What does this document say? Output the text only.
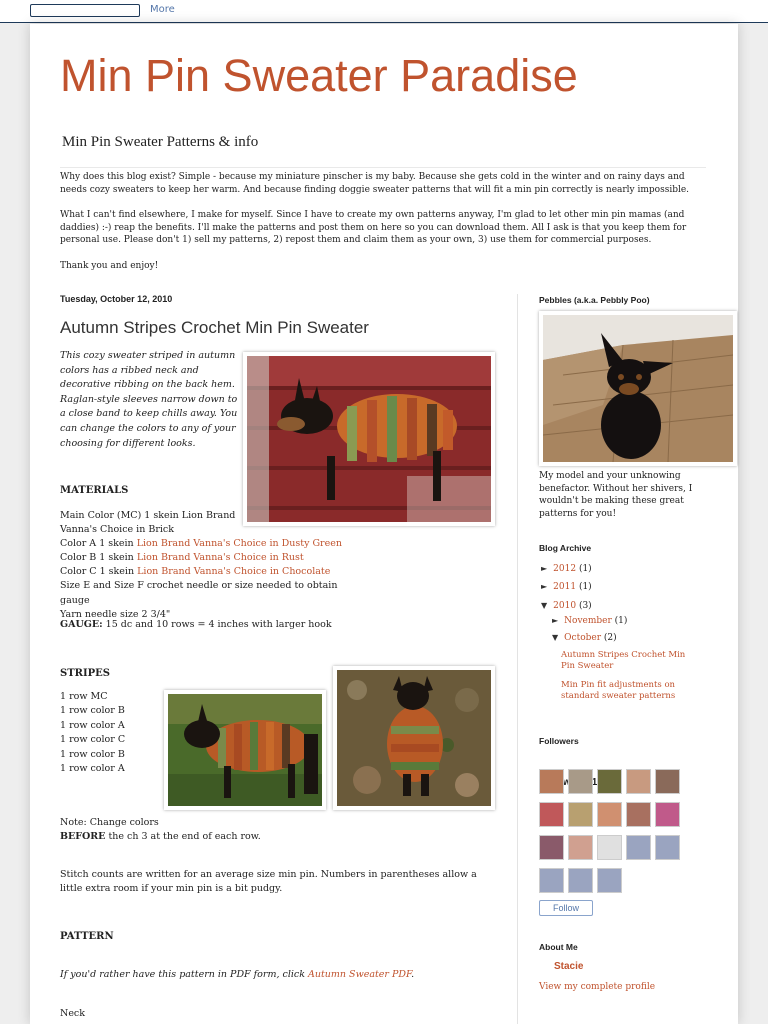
More
Min Pin Sweater Paradise
Min Pin Sweater Patterns & info

Why does this blog exist? Simple - because my miniature pinscher is my baby. Because she gets cold in the winter and on rainy days and needs cozy sweaters to keep her warm. And because finding doggie sweater patterns that will fit a min pin correctly is nearly impossible.

What I can't find elsewhere, I make for myself. Since I have to create my own patterns anyway, I'm glad to let other min pin mamas (and daddies) :-) reap the benefits. I'll make the patterns and post them on here so you can download them. All I ask is that you keep them for personal use. Please don't 1) sell my patterns, 2) repost them and claim them as your own, 3) use them for commercial purposes.

Thank you and enjoy!

Tuesday, October 12, 2010
Autumn Stripes Crochet Min Pin Sweater
This cozy sweater striped in autumn colors has a ribbed neck and decorative ribbing on the back hem. Raglan-style sleeves narrow down to a close band to keep chills away. You can change the colors to any of your choosing for different looks.
MATERIALS
Main Color (MC) 1 skein Lion Brand
Vanna's Choice in Brick
Color A 1 skein Lion Brand Vanna's Choice in Dusty Green
Color B 1 skein Lion Brand Vanna's Choice in Rust
Color C 1 skein Lion Brand Vanna's Choice in Chocolate
Size E and Size F crochet needle or size needed to obtain gauge
Yarn needle size 2 3/4"
GAUGE: 15 dc and 10 rows = 4 inches with larger hook
STRIPES
1 row MC
1 row color B
1 row color A
1 row color C
1 row color B
1 row color A
Note: Change colors
BEFORE the ch 3 at the end of each row.
Stitch counts are written for an average size min pin. Numbers in parentheses allow a little extra room if your min pin is a bit pudgy.
PATTERN
If you'd rather have this pattern in PDF form, click Autumn Sweater PDF.
Neck
Pebbles (a.k.a. Pebbly Poo)
My model and your unknowing benefactor. Without her shivers, I wouldn't be making these great patterns for you!
Blog Archive
► 2012 (1)
► 2011 (1)
▼ 2010 (3)
► November (1)
▼ October (2)
Autumn Stripes Crochet Min Pin Sweater
Min Pin fit adjustments on standard sweater patterns
Followers
Follow
About Me
Stacie
View my complete profile
